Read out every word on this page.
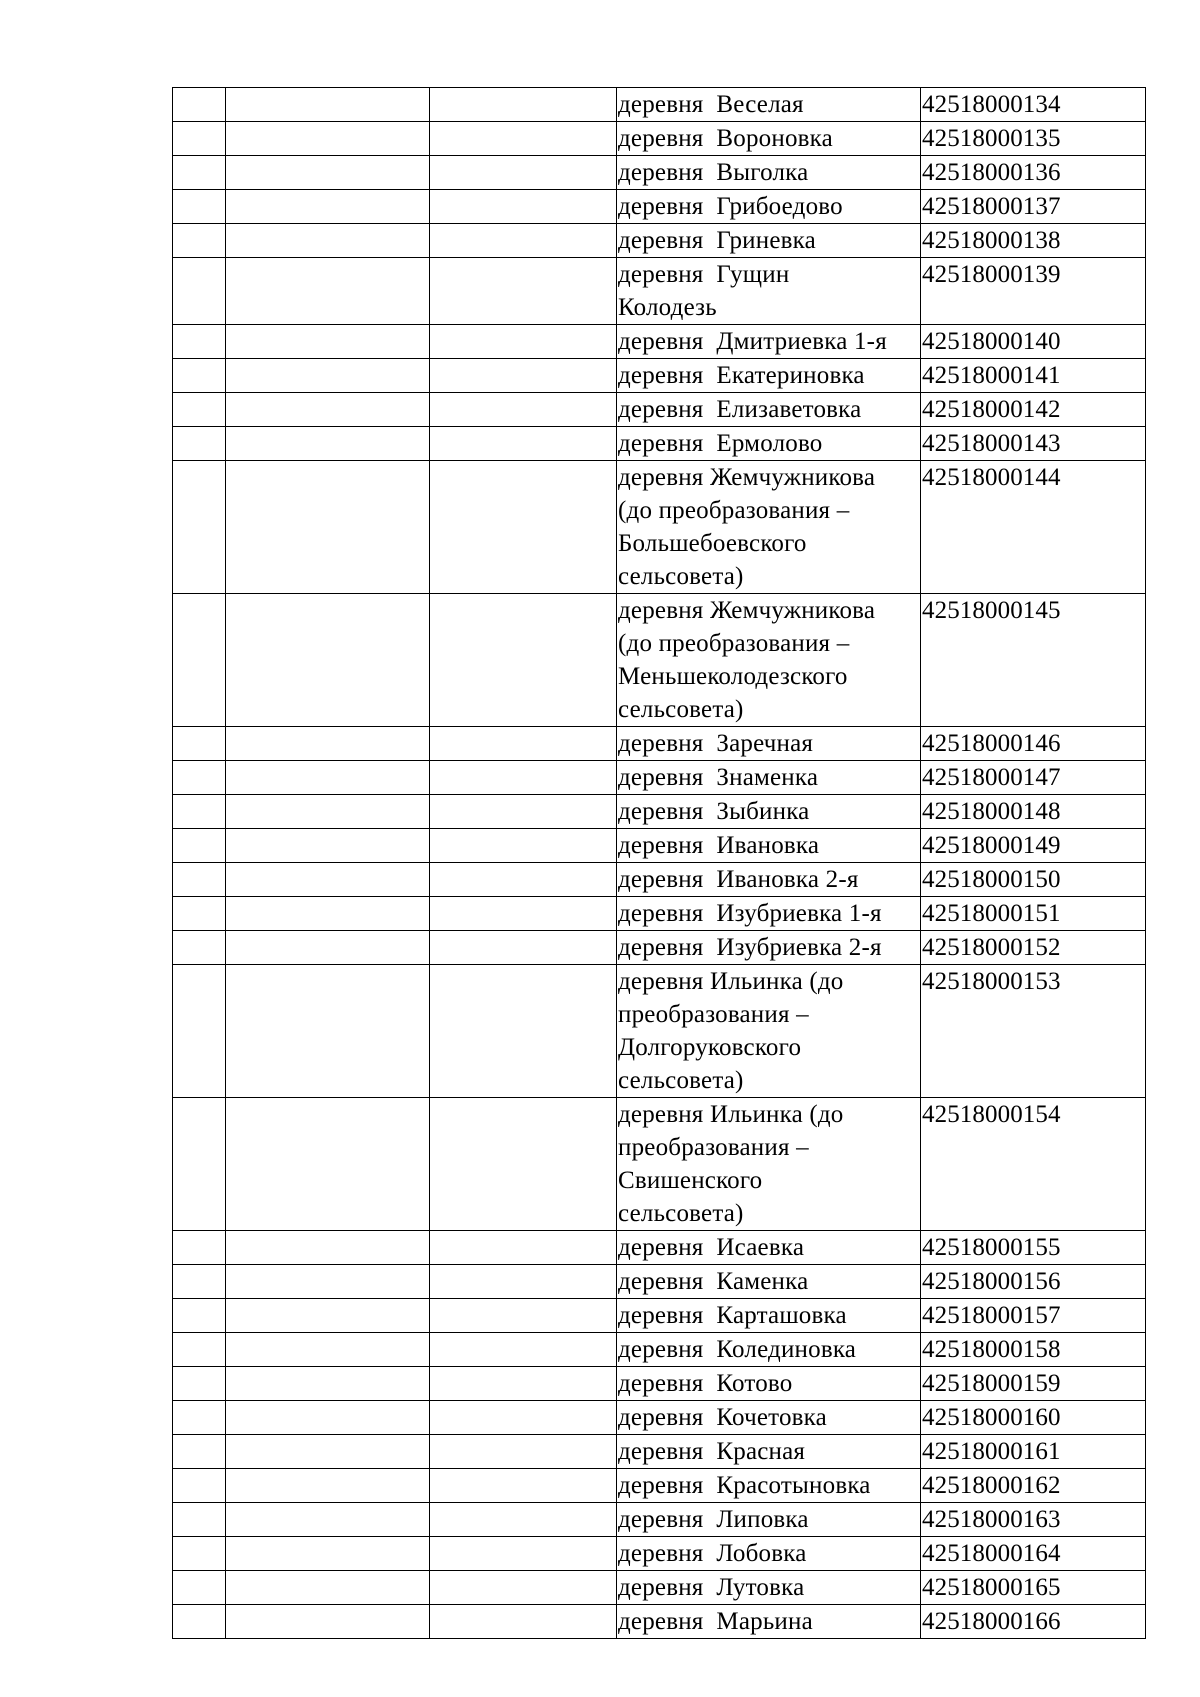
			деревня  Веселая	42518000134
			деревня  Вороновка	42518000135
			деревня  Выголка	42518000136
			деревня  Грибоедово	42518000137
			деревня  Гриневка	42518000138
			деревня  Гущин
Колодезь	42518000139
			деревня  Дмитриевка 1-я	42518000140
			деревня  Екатериновка	42518000141
			деревня  Елизаветовка	42518000142
			деревня  Ермолово	42518000143
			деревня Жемчужникова
(до преобразования –
Большебоевского
сельсовета)	42518000144
			деревня Жемчужникова
(до преобразования –
Меньшеколодезского
сельсовета)	42518000145
			деревня  Заречная	42518000146
			деревня  Знаменка	42518000147
			деревня  Зыбинка	42518000148
			деревня  Ивановка	42518000149
			деревня  Ивановка 2-я	42518000150
			деревня  Изубриевка 1-я	42518000151
			деревня  Изубриевка 2-я	42518000152
			деревня Ильинка (до
преобразования –
Долгоруковского
сельсовета)	42518000153
			деревня Ильинка (до
преобразования –
Свишенского
сельсовета)	42518000154
			деревня  Исаевка	42518000155
			деревня  Каменка	42518000156
			деревня  Карташовка	42518000157
			деревня  Колединовка	42518000158
			деревня  Котово	42518000159
			деревня  Кочетовка	42518000160
			деревня  Красная	42518000161
			деревня  Красотыновка	42518000162
			деревня  Липовка	42518000163
			деревня  Лобовка	42518000164
			деревня  Лутовка	42518000165
			деревня  Марьина	42518000166
